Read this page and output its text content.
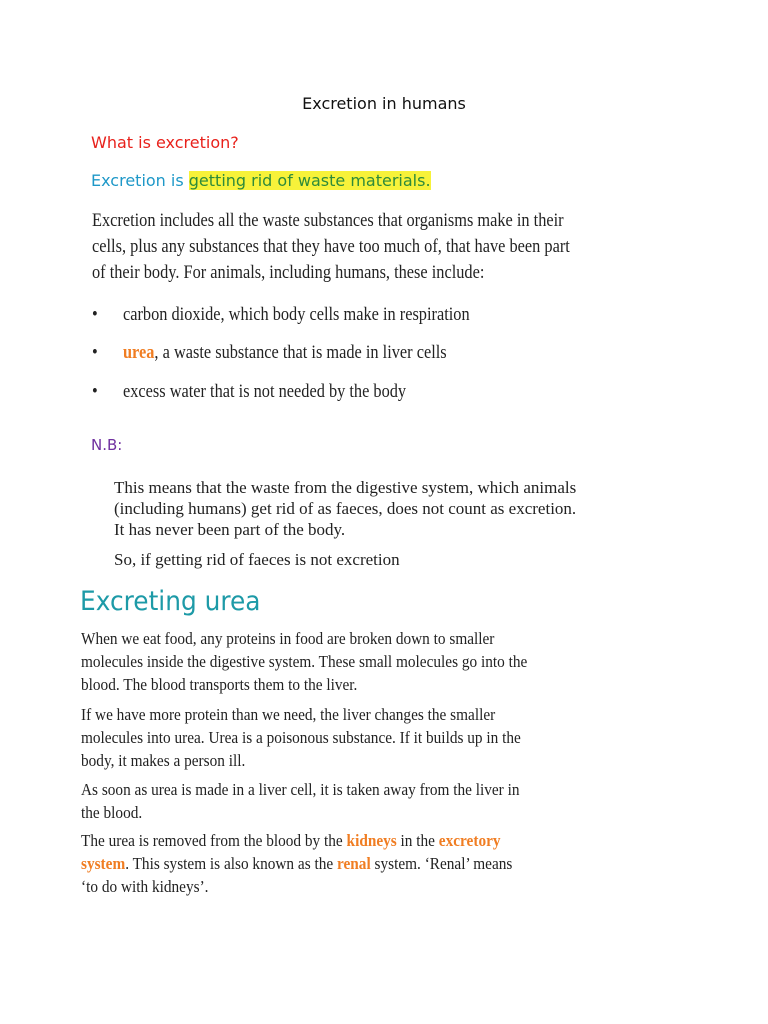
Excretion in humans
What is excretion?
Excretion is getting rid of waste materials.
Excretion includes all the waste substances that organisms make in their
cells, plus any substances that they have too much of, that have been part
of their body. For animals, including humans, these include:
• carbon dioxide, which body cells make in respiration
• urea, a waste substance that is made in liver cells
• excess water that is not needed by the body
N.B:
This means that the waste from the digestive system, which animals
(including humans) get rid of as faeces, does not count as excretion.
It has never been part of the body.
So, if getting rid of faeces is not excretion
Excreting urea
When we eat food, any proteins in food are broken down to smaller
molecules inside the digestive system. These small molecules go into the
blood. The blood transports them to the liver.
If we have more protein than we need, the liver changes the smaller
molecules into urea. Urea is a poisonous substance. If it builds up in the
body, it makes a person ill.
As soon as urea is made in a liver cell, it is taken away from the liver in
the blood.
The urea is removed from the blood by the kidneys in the excretory
system. This system is also known as the renal system. ‘Renal’ means
‘to do with kidneys’.
